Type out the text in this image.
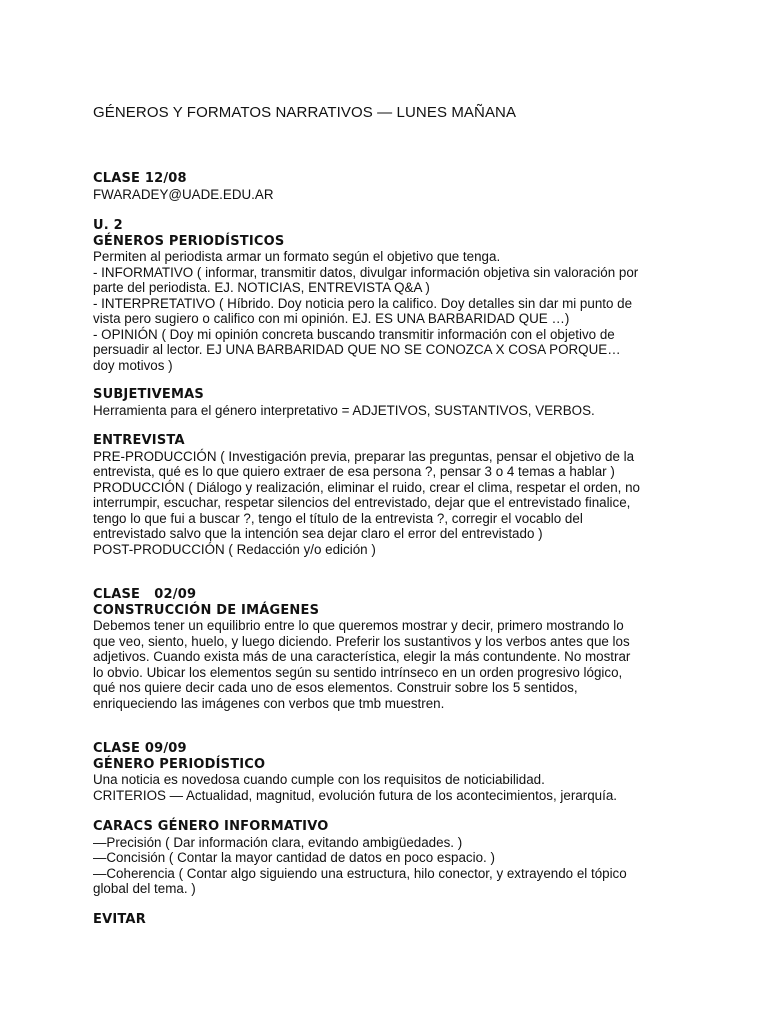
GÉNEROS Y FORMATOS NARRATIVOS — LUNES MAÑANA
CLASE 12/08
FWARADEY@UADE.EDU.AR
U. 2
GÉNEROS PERIODÍSTICOS
Permiten al periodista armar un formato según el objetivo que tenga.
- INFORMATIVO ( informar, transmitir datos, divulgar información objetiva sin valoración por
parte del periodista. EJ. NOTICIAS, ENTREVISTA Q&A )
- INTERPRETATIVO ( Híbrido. Doy noticia pero la califico. Doy detalles sin dar mi punto de
vista pero sugiero o califico con mi opinión. EJ. ES UNA BARBARIDAD QUE …)
- OPINIÓN ( Doy mi opinión concreta buscando transmitir información con el objetivo de
persuadir al lector. EJ UNA BARBARIDAD QUE NO SE CONOZCA X COSA PORQUE…
doy motivos )
SUBJETIVEMAS
Herramienta para el género interpretativo = ADJETIVOS, SUSTANTIVOS, VERBOS.
ENTREVISTA
PRE-PRODUCCIÓN ( Investigación previa, preparar las preguntas, pensar el objetivo de la
entrevista, qué es lo que quiero extraer de esa persona ?, pensar 3 o 4 temas a hablar )
PRODUCCIÓN ( Diálogo y realización, eliminar el ruido, crear el clima, respetar el orden, no
interrumpir, escuchar, respetar silencios del entrevistado, dejar que el entrevistado finalice,
tengo lo que fui a buscar ?, tengo el título de la entrevista ?, corregir el vocablo del
entrevistado salvo que la intención sea dejar claro el error del entrevistado )
POST-PRODUCCIÓN ( Redacción y/o edición )
CLASE   02/09
CONSTRUCCIÓN DE IMÁGENES
Debemos tener un equilibrio entre lo que queremos mostrar y decir, primero mostrando lo
que veo, siento, huelo, y luego diciendo. Preferir los sustantivos y los verbos antes que los
adjetivos. Cuando exista más de una característica, elegir la más contundente. No mostrar
lo obvio. Ubicar los elementos según su sentido intrínseco en un orden progresivo lógico,
qué nos quiere decir cada uno de esos elementos. Construir sobre los 5 sentidos,
enriqueciendo las imágenes con verbos que tmb muestren.
CLASE 09/09
GÉNERO PERIODÍSTICO
Una noticia es novedosa cuando cumple con los requisitos de noticiabilidad.
CRITERIOS — Actualidad, magnitud, evolución futura de los acontecimientos, jerarquía.
CARACS GÉNERO INFORMATIVO
—Precisión ( Dar información clara, evitando ambigüedades. )
—Concisión ( Contar la mayor cantidad de datos en poco espacio. )
—Coherencia ( Contar algo siguiendo una estructura, hilo conector, y extrayendo el tópico
global del tema. )
EVITAR
